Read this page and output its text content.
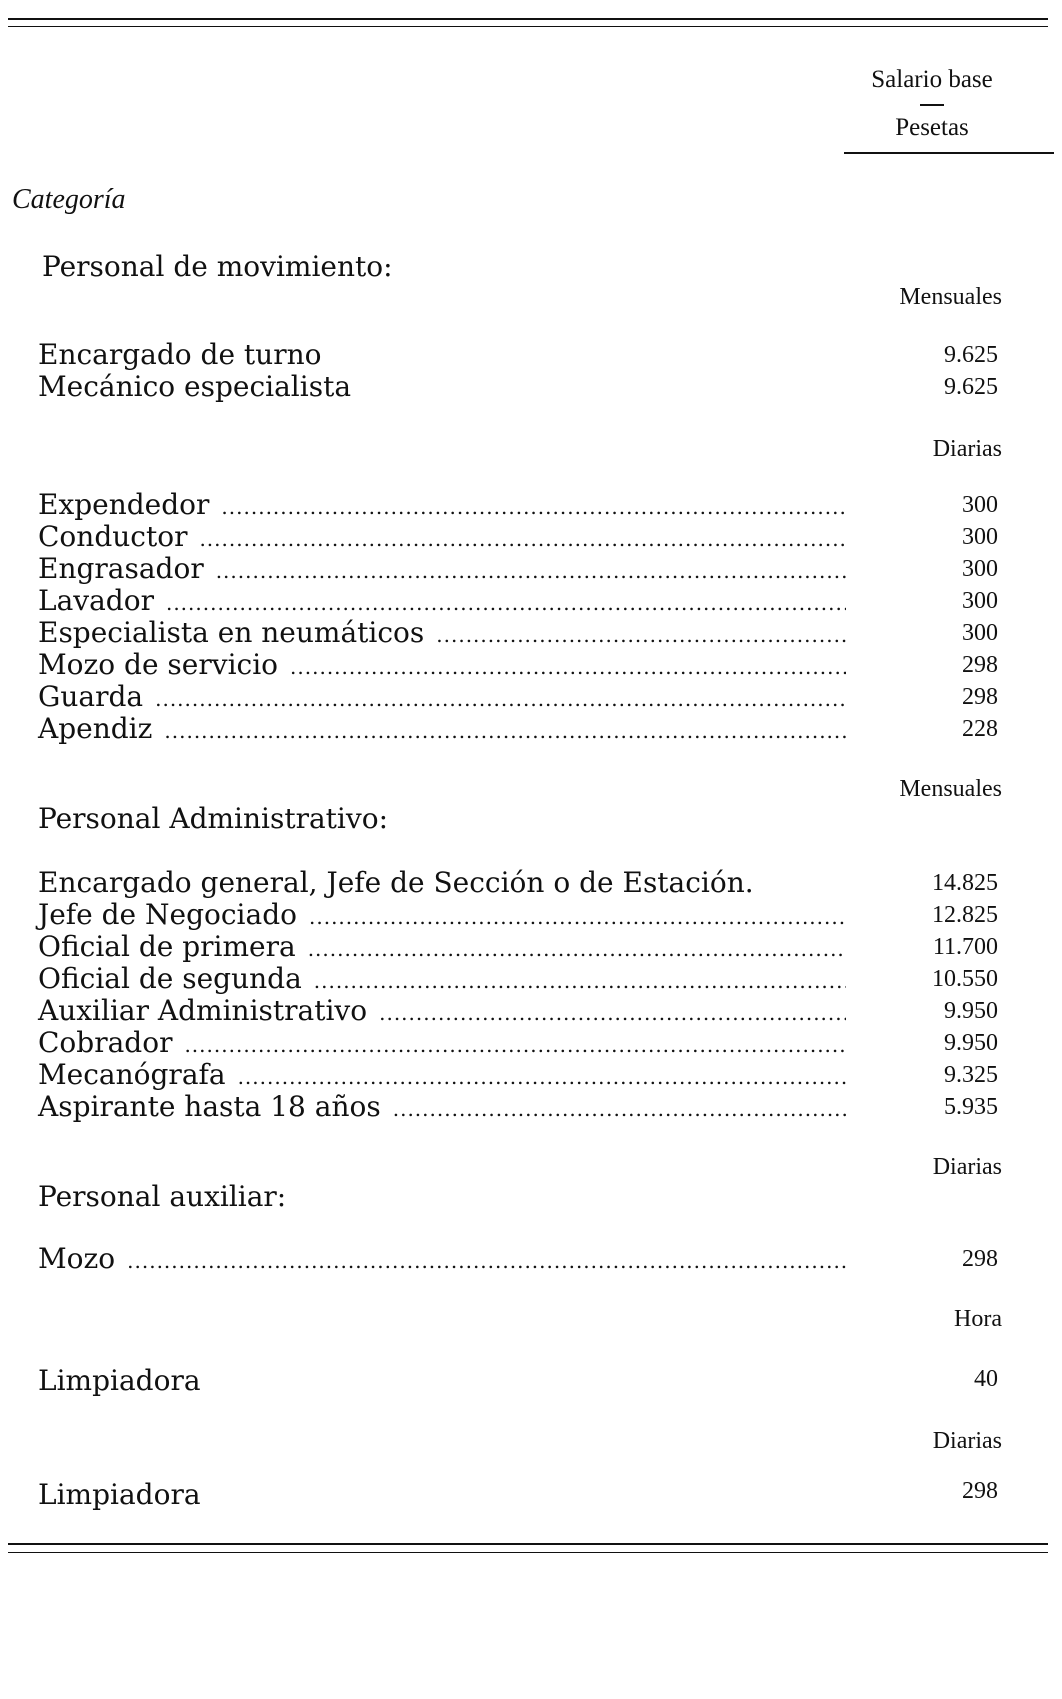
Salario base
Pesetas
Categoría
Personal de movimiento:
Mensuales
Encargado de turno	9.625
Mecánico especialista	9.625
Diarias
Expendedor .....	300
Conductor .....	300
Engrasador .....	300
Lavador .....	300
Especialista en neumáticos .....	300
Mozo de servicio .....	298
Guarda .....	298
Apendiz .....	228
Mensuales
Personal Administrativo:
Encargado general, Jefe de Sección o de Estación.	14.825
Jefe de Negociado .....	12.825
Oficial de primera .....	11.700
Oficial de segunda .....	10.550
Auxiliar Administrativo .....	9.950
Cobrador .....	9.950
Mecanógrafa .....	9.325
Aspirante hasta 18 años .....	5.935
Diarias
Personal auxiliar:
Mozo .....	298
Hora
Limpiadora	40
Diarias
Limpiadora	298
